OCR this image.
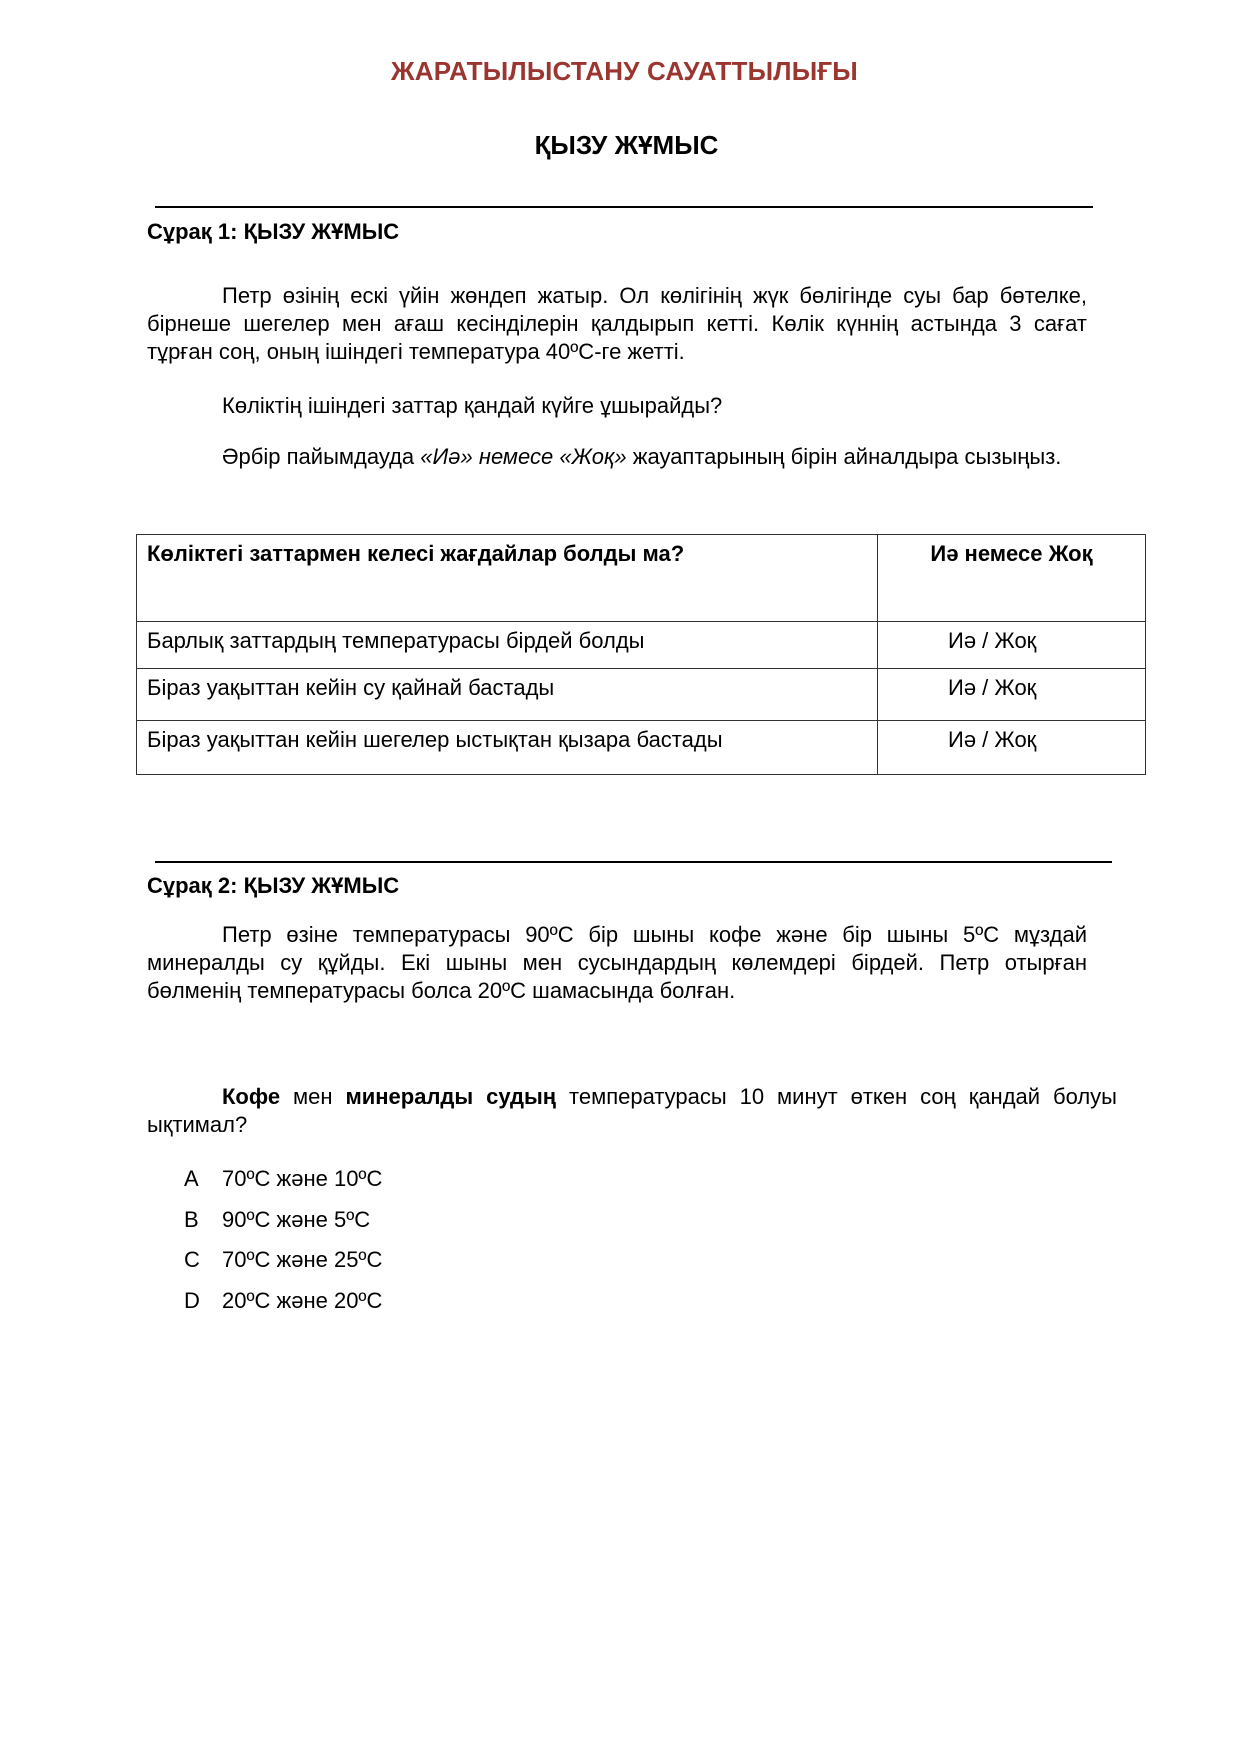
ЖАРАТЫЛЫСТАНУ САУАТТЫЛЫҒЫ
ҚЫЗУ ЖҰМЫС
Сұрақ 1: ҚЫЗУ ЖҰМЫС
Петр өзінің ескі үйін жөндеп жатыр. Ол көлігінің жүк бөлігінде суы бар бөтелке, бірнеше шегелер мен ағаш кесінділерін қалдырып кетті. Көлік күннің астында 3 сағат тұрған соң, оның ішіндегі температура 40ºC-ге жетті.
Көліктің ішіндегі заттар қандай күйге ұшырайды?
Әрбір пайымдауда «Иә» немесе «Жоқ» жауаптарының бірін айналдыра сызыңыз.
Көліктегі заттармен келесі жағдайлар болды ма?	Иә немесе Жоқ
Барлық заттардың температурасы бірдей болды	Иә / Жоқ
Біраз уақыттан кейін су қайнай бастады	Иә / Жоқ
Біраз уақыттан кейін шегелер ыстықтан қызара бастады	Иә / Жоқ
Сұрақ 2: ҚЫЗУ ЖҰМЫС
Петр өзіне температурасы 90ºC бір шыны кофе және бір шыны 5ºC мұздай минералды су құйды. Екі шыны мен сусындардың көлемдері бірдей. Петр отырған бөлменің температурасы болса 20ºC шамасында болған.
Кофе мен минералды судың температурасы 10 минут өткен соң қандай болуы ықтимал?
A 70ºC және 10ºC
B 90ºC және 5ºC
C 70ºC және 25ºC
D 20ºC және 20ºC
